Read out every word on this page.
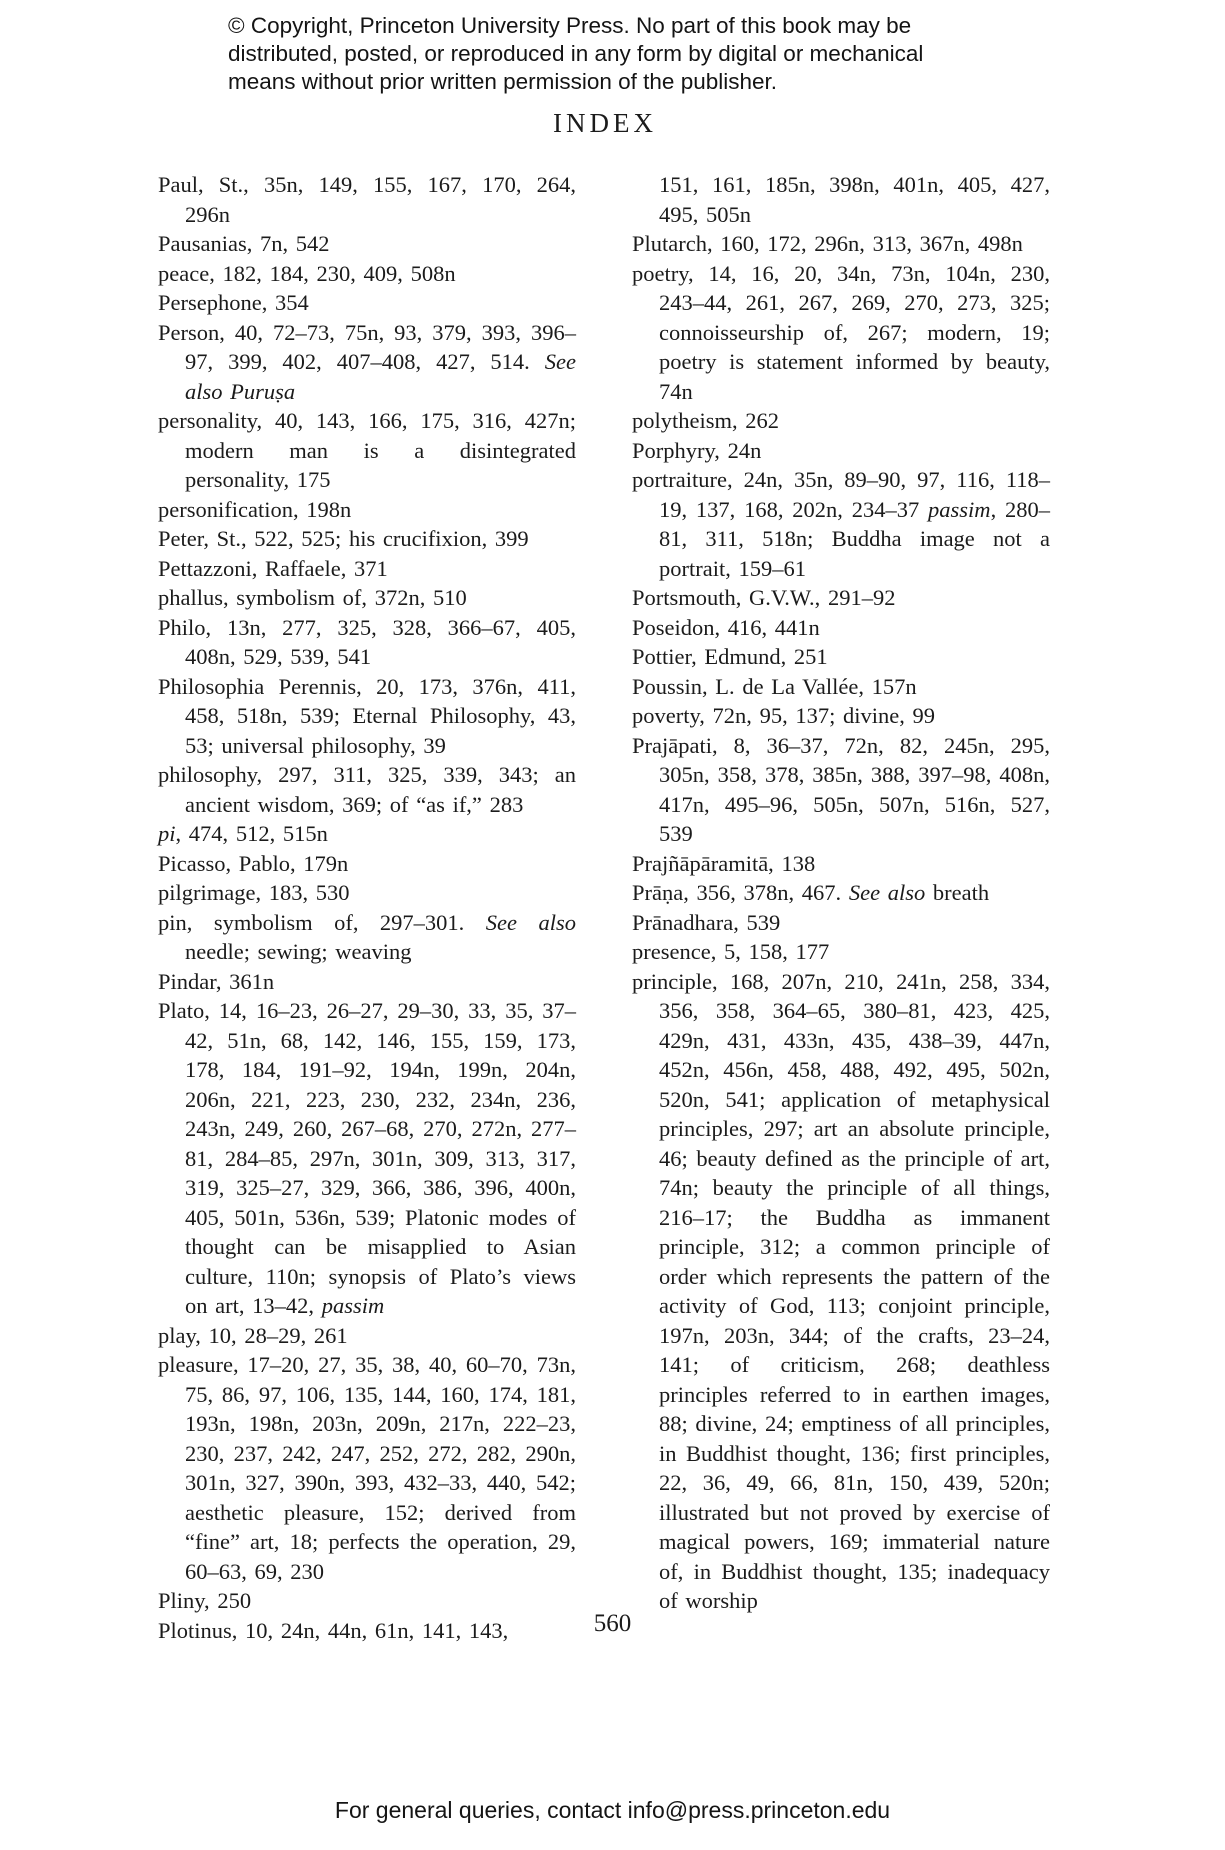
© Copyright, Princeton University Press. No part of this book may be
distributed, posted, or reproduced in any form by digital or mechanical
means without prior written permission of the publisher.
INDEX

Paul, St., 35n, 149, 155, 167, 170, 264, 296n

Pausanias, 7n, 542

peace, 182, 184, 230, 409, 508n

Persephone, 354

Person, 40, 72–73, 75n, 93, 379, 393, 396–97, 399, 402, 407–408, 427, 514. See also Puruṣa

personality, 40, 143, 166, 175, 316, 427n; modern man is a disintegrated personality, 175

personification, 198n

Peter, St., 522, 525; his crucifixion, 399

Pettazzoni, Raffaele, 371

phallus, symbolism of, 372n, 510

Philo, 13n, 277, 325, 328, 366–67, 405, 408n, 529, 539, 541

Philosophia Perennis, 20, 173, 376n, 411, 458, 518n, 539; Eternal Philosophy, 43, 53; universal philosophy, 39

philosophy, 297, 311, 325, 339, 343; an ancient wisdom, 369; of “as if,” 283

pi, 474, 512, 515n

Picasso, Pablo, 179n

pilgrimage, 183, 530

pin, symbolism of, 297–301. See also needle; sewing; weaving

Pindar, 361n

Plato, 14, 16–23, 26–27, 29–30, 33, 35, 37–42, 51n, 68, 142, 146, 155, 159, 173, 178, 184, 191–92, 194n, 199n, 204n, 206n, 221, 223, 230, 232, 234n, 236, 243n, 249, 260, 267–68, 270, 272n, 277–81, 284–85, 297n, 301n, 309, 313, 317, 319, 325–27, 329, 366, 386, 396, 400n, 405, 501n, 536n, 539; Platonic modes of thought can be misapplied to Asian culture, 110n; synopsis of Plato’s views on art, 13–42, passim

play, 10, 28–29, 261

pleasure, 17–20, 27, 35, 38, 40, 60–70, 73n, 75, 86, 97, 106, 135, 144, 160, 174, 181, 193n, 198n, 203n, 209n, 217n, 222–23, 230, 237, 242, 247, 252, 272, 282, 290n, 301n, 327, 390n, 393, 432–33, 440, 542; aesthetic pleasure, 152; derived from “fine” art, 18; perfects the operation, 29, 60–63, 69, 230

Pliny, 250

Plotinus, 10, 24n, 44n, 61n, 141, 143,

151, 161, 185n, 398n, 401n, 405, 427, 495, 505n

Plutarch, 160, 172, 296n, 313, 367n, 498n

poetry, 14, 16, 20, 34n, 73n, 104n, 230, 243–44, 261, 267, 269, 270, 273, 325; connoisseurship of, 267; modern, 19; poetry is statement informed by beauty, 74n

polytheism, 262

Porphyry, 24n

portraiture, 24n, 35n, 89–90, 97, 116, 118–19, 137, 168, 202n, 234–37 passim, 280–81, 311, 518n; Buddha image not a portrait, 159–61

Portsmouth, G.V.W., 291–92

Poseidon, 416, 441n

Pottier, Edmund, 251

Poussin, L. de La Vallée, 157n

poverty, 72n, 95, 137; divine, 99

Prajāpati, 8, 36–37, 72n, 82, 245n, 295, 305n, 358, 378, 385n, 388, 397–98, 408n, 417n, 495–96, 505n, 507n, 516n, 527, 539

Prajñāpāramitā, 138

Prāṇa, 356, 378n, 467. See also breath

Prānadhara, 539

presence, 5, 158, 177

principle, 168, 207n, 210, 241n, 258, 334, 356, 358, 364–65, 380–81, 423, 425, 429n, 431, 433n, 435, 438–39, 447n, 452n, 456n, 458, 488, 492, 495, 502n, 520n, 541; application of metaphysical principles, 297; art an absolute principle, 46; beauty defined as the principle of art, 74n; beauty the principle of all things, 216–17; the Buddha as immanent principle, 312; a common principle of order which represents the pattern of the activity of God, 113; conjoint principle, 197n, 203n, 344; of the crafts, 23–24, 141; of criticism, 268; deathless principles referred to in earthen images, 88; divine, 24; emptiness of all principles, in Buddhist thought, 136; first principles, 22, 36, 49, 66, 81n, 150, 439, 520n; illustrated but not proved by exercise of magical powers, 169; immaterial nature of, in Buddhist thought, 135; inadequacy of worship

560
For general queries, contact info@press.princeton.edu
